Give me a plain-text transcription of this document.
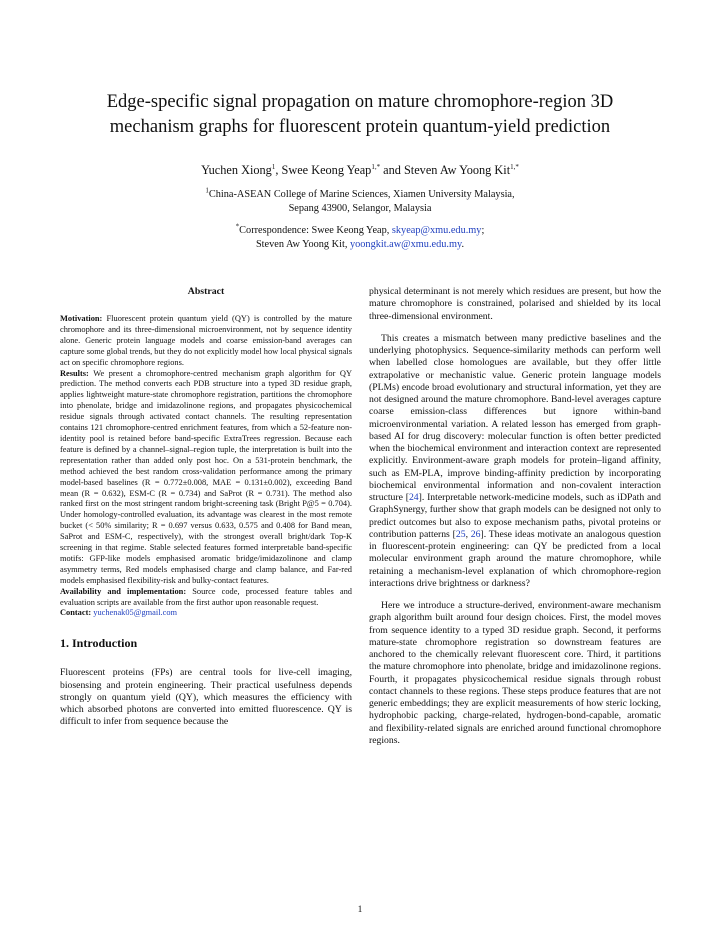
Edge-specific signal propagation on mature chromophore-region 3D
mechanism graphs for fluorescent protein quantum-yield prediction
Yuchen Xiong$^1$, Swee Keong Yeap$^{1,*}$ and Steven Aw Yoong Kit$^{1,*}$
$^1$China-ASEAN College of Marine Sciences, Xiamen University Malaysia,
Sepang 43900, Selangor, Malaysia
*Correspondence: Swee Keong Yeap, skyeap@xmu.edu.my;
Steven Aw Yoong Kit, yoongkit.aw@xmu.edu.my.
Abstract

Motivation: Fluorescent protein quantum yield (QY) is controlled by the mature chromophore and its three-dimensional microenvironment, not by sequence identity alone. Generic protein language models and coarse emission-band averages can capture some global trends, but they do not explicitly model how local physical signals act on specific chromophore regions.

Results: We present a chromophore-centred mechanism graph algorithm for QY prediction. The method converts each PDB structure into a typed 3D residue graph, applies lightweight mature-state chromophore registration, partitions the chromophore into phenolate, bridge and imidazolinone regions, and propagates physicochemical residue signals through activated contact channels. The resulting representation contains 121 chromophore-centred enrichment features, from which a 52-feature non-identity pool is retained before band-specific ExtraTrees regression. Because each feature is defined by a channel–signal–region tuple, the interpretation is built into the representation rather than added only post hoc. On a 531-protein benchmark, the method achieved the best random cross-validation performance among the primary model-based baselines (R = 0.772±0.008, MAE = 0.131±0.002), exceeding Band mean (R = 0.632), ESM-C (R = 0.734) and SaProt (R = 0.731). The method also ranked first on the most stringent random bright-screening task (Bright P@5 = 0.704). Under homology-controlled evaluation, its advantage was clearest in the most remote bucket (< 50% similarity; R = 0.697 versus 0.633, 0.575 and 0.408 for Band mean, SaProt and ESM-C, respectively), with the strongest overall bright/dark Top-K screening in that regime. Stable selected features formed interpretable band-specific motifs: GFP-like models emphasised aromatic bridge/imidazolinone and clamp asymmetry terms, Red models emphasised charge and clamp balance, and Far-red models emphasised flexibility-risk and bulky-contact features.

Availability and implementation: Source code, processed feature tables and evaluation scripts are available from the first author upon reasonable request.

Contact: yuchenak05@gmail.com

1. Introduction

Fluorescent proteins (FPs) are central tools for live-cell imaging, biosensing and protein engineering. Their practical usefulness depends strongly on quantum yield (QY), which measures the efficiency with which absorbed photons are converted into emitted fluorescence. QY is difficult to infer from sequence because the

physical determinant is not merely which residues are present, but how the mature chromophore is constrained, polarised and shielded by its local three-dimensional environment.

This creates a mismatch between many predictive baselines and the underlying photophysics. Sequence-similarity methods can perform well when labelled close homologues are available, but they offer little extrapolative or mechanistic value. Generic protein language models (PLMs) encode broad evolutionary and structural information, yet they are not designed around the mature chromophore. Band-level averages capture coarse emission-class differences but ignore within-band microenvironmental variation. A related lesson has emerged from graph-based AI for drug discovery: molecular function is often better predicted when the biochemical environment and interaction context are represented explicitly. Environment-aware graph models for protein–ligand affinity, such as EM-PLA, improve binding-affinity prediction by incorporating biochemical environmental information and non-covalent interaction structure [24]. Interpretable network-medicine models, such as iDPath and GraphSynergy, further show that graph models can be designed not only to predict outcomes but also to expose mechanism paths, pivotal proteins or contribution patterns [25, 26]. These ideas motivate an analogous question in fluorescent-protein engineering: can QY be predicted from a local molecular environment graph around the mature chromophore, while retaining a mechanism-level explanation of which chromophore-region interactions drive brightness or darkness?

Here we introduce a structure-derived, environment-aware mechanism graph algorithm built around four design choices. First, the model moves from sequence identity to a typed 3D residue graph. Second, it performs mature-state chromophore registration so downstream features are anchored to the chemically relevant fluorescent core. Third, it partitions the mature chromophore into phenolate, bridge and imidazolinone regions. Fourth, it propagates physicochemical residue signals through robust contact channels to these regions. These steps produce features that are not generic embeddings; they are explicit measurements of how steric locking, hydrophobic packing, charge-related, hydrogen-bond-capable, aromatic and flexibility-related signals are enriched around functional chromophore regions.

1
